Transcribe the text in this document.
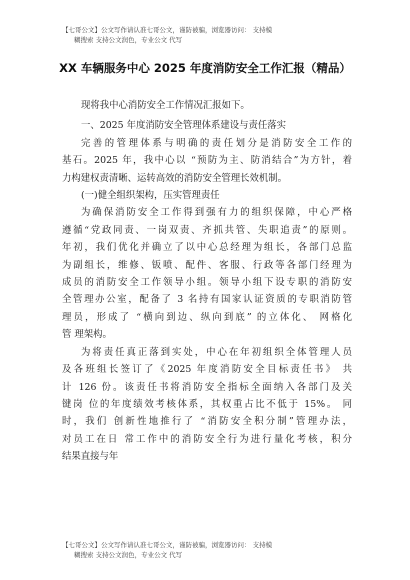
【七哥公文】公文写作请认准七哥公文，谨防被骗，浏览器访问： 支持模
糊搜索 支持公文润色，专业公文 代写
XX 车辆服务中心 2025 年度消防安全工作汇报（精品）
现将我中心消防安全工作情况汇报如下。
一、2025 年度消防安全管理体系建设与责任落实
完善的管理体系与明确的责任划分是消防安全工作的
基石。2025 年，我中心以 “预防为主、防消结合”为方针，着
力构建权责清晰、运转高效的消防安全管理长效机制。
(一)健全组织架构，压实管理责任
为确保消防安全工作得到强有力的组织保障，中心严格
遵循“党政同责、一岗双责、齐抓共管、失职追责”的原则。
年初，我们优化并确立了以中心总经理为组长，各部门总监
为副组长，维修、钣喷、配件、客服、行政等各部门经理为
成员的消防安全工作领导小组。领导小组下设专职的消防安
全管理办公室，配备了 3 名持有国家认证资质的专职消防管
理员，形成了 “横向到边、纵向到底” 的立体化、 网格化
管 理架构。
为将责任真正落到实处，中心在年初组织全体管理人员
及各班组长签订了《2025 年度消防安全目标责任书》 共
计 126 份。该责任书将消防安全指标全面纳入各部门及关
键岗 位的年度绩效考核体系，其权重占比不低于 15%。 同
时，我们 创新性地推行了 “消防安全积分制”管理办法，
对员工在日 常工作中的消防安全行为进行量化考核，积分
结果直接与年
【七哥公文】公文写作请认准七哥公文，谨防被骗，浏览器访问： 支持模
糊搜索 支持公文润色，专业公文 代写
